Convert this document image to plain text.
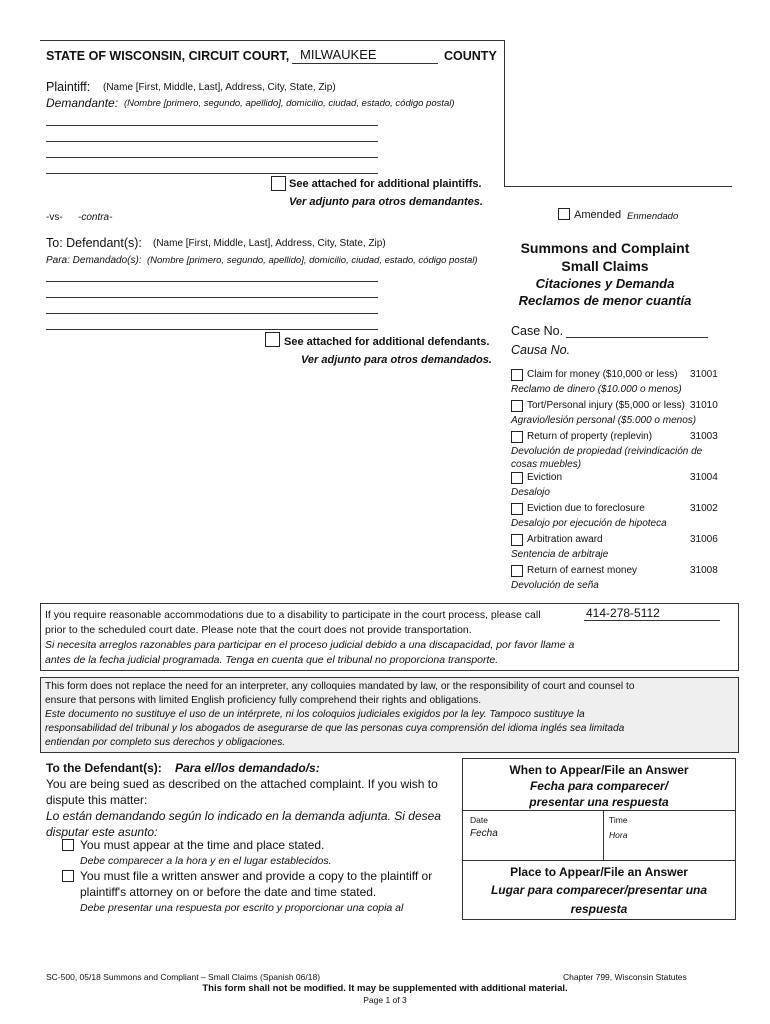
STATE OF WISCONSIN, CIRCUIT COURT, MILWAUKEE	COUNTY
Plaintiff: (Name [First, Middle, Last], Address, City, State, Zip)
Demandante: (Nombre [primero, segundo, apellido], domicilio, ciudad, estado, código postal)
See attached for additional plaintiffs.
Ver adjunto para otros demandantes.
-vs- -contra-	Amended Enmendado
To: Defendant(s): (Name [First, Middle, Last], Address, City, State, Zip)
Para: Demandado(s): (Nombre [primero, segundo, apellido], domicilio, ciudad, estado, código postal)
See attached for additional defendants.
Ver adjunto para otros demandados.
Summons and Complaint
Small Claims
Citaciones y Demanda
Reclamos de menor cuantía
Case No.
Causa No.
Claim for money ($10,000 or less) 31001
Reclamo de dinero ($10.000 o menos)
Tort/Personal injury ($5,000 or less) 31010
Agravio/lesión personal ($5.000 o menos)
Return of property (replevin)	31003
Devolución de propiedad (reivindicación de
cosas muebles)
Eviction	31004
Desalojo
Eviction due to foreclosure	31002
Desalojo por ejecución de hipoteca
Arbitration award	31006
Sentencia de arbitraje
Return of earnest money	31008
Devolución de seña
If you require reasonable accommodations due to a disability to participate in the court process, please call	414-278-5112
prior to the scheduled court date. Please note that the court does not provide transportation.
Si necesita arreglos razonables para participar en el proceso judicial debido a una discapacidad, por favor llame a
antes de la fecha judicial programada. Tenga en cuenta que el tribunal no proporciona transporte.
This form does not replace the need for an interpreter, any colloquies mandated by law, or the responsibility of court and counsel to
ensure that persons with limited English proficiency fully comprehend their rights and obligations.
Este documento no sustituye el uso de un intérprete, ni los coloquios judiciales exigidos por la ley. Tampoco sustituye la
responsabilidad del tribunal y los abogados de asegurarse de que las personas cuya comprensión del idioma inglés sea limitada
entiendan por completo sus derechos y obligaciones.
To the Defendant(s): Para el/los demandado/s:
You are being sued as described on the attached complaint. If you wish to
dispute this matter:
Lo están demandando según lo indicado en la demanda adjunta. Si desea
disputar este asunto:
You must appear at the time and place stated.
Debe comparecer a la hora y en el lugar establecidos.
You must file a written answer and provide a copy to the plaintiff or
plaintiff's attorney on or before the date and time stated.
Debe presentar una respuesta por escrito y proporcionar una copia al
When to Appear/File an Answer
Fecha para comparecer/
presentar una respuesta
Date
Fecha
Time
Hora
Place to Appear/File an Answer
Lugar para comparecer/presentar una
respuesta
SC-500, 05/18 Summons and Compliant – Small Claims (Spanish 06/18)	Chapter 799, Wisconsin Statutes
This form shall not be modified. It may be supplemented with additional material.
Page 1 of 3
